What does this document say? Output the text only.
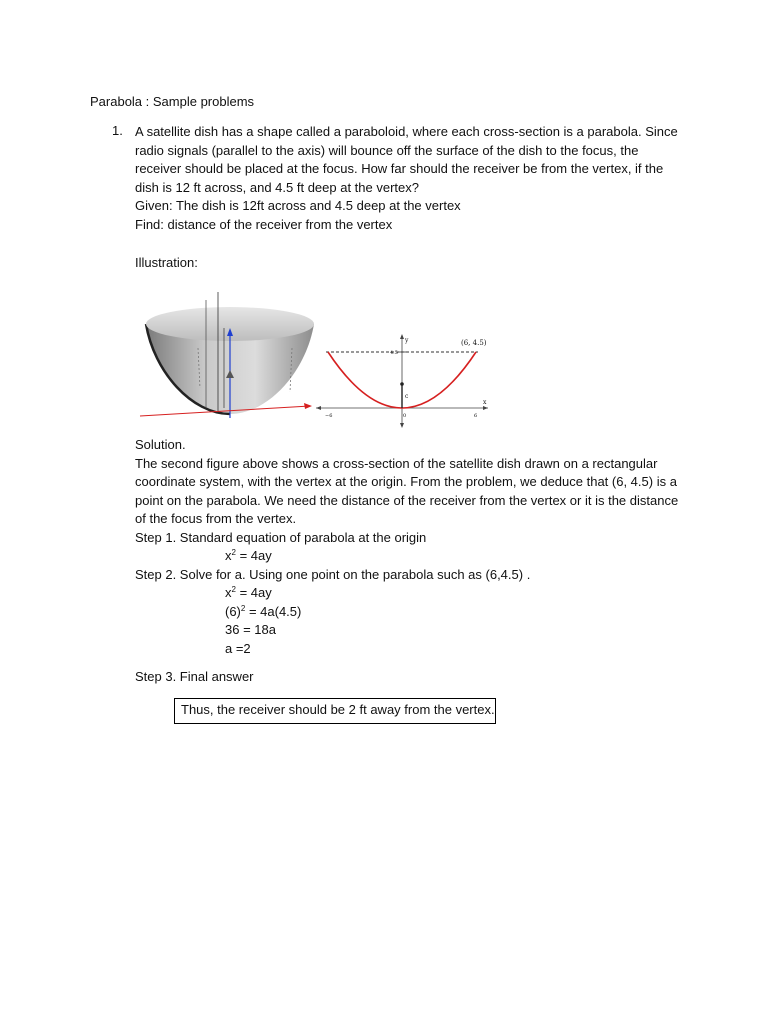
Parabola : Sample problems
1. A satellite dish has a shape called a paraboloid, where each cross-section is a parabola. Since radio signals (parallel to the axis) will bounce off the surface of the dish to the focus, the receiver should be placed at the focus. How far should the receiver be from the vertex, if the dish is 12 ft across, and 4.5 ft deep at the vertex?

Given: The dish is 12ft across and 4.5 deep at the vertex

Find: distance of the receiver from the vertex

Illustration:
(6, 4.5)
y
x
4.5
c
−6	0	6

Solution.

The second figure above shows a cross-section of the satellite dish drawn on a rectangular coordinate system, with the vertex at the origin. From the problem, we deduce that (6, 4.5) is a point on the parabola. We need the distance of the receiver from the vertex or it is the distance of the focus from the vertex.

Step 1. Standard equation of parabola at the origin

$x^2 = 4ay$

Step 2. Solve for a. Using one point on the parabola such as (6,4.5) .

$x^2 = 4ay$

$(6)^2 = 4a(4.5)$

36 = 18a

a =2

Step 3. Final answer

Thus, the receiver should be 2 ft away from the vertex.
